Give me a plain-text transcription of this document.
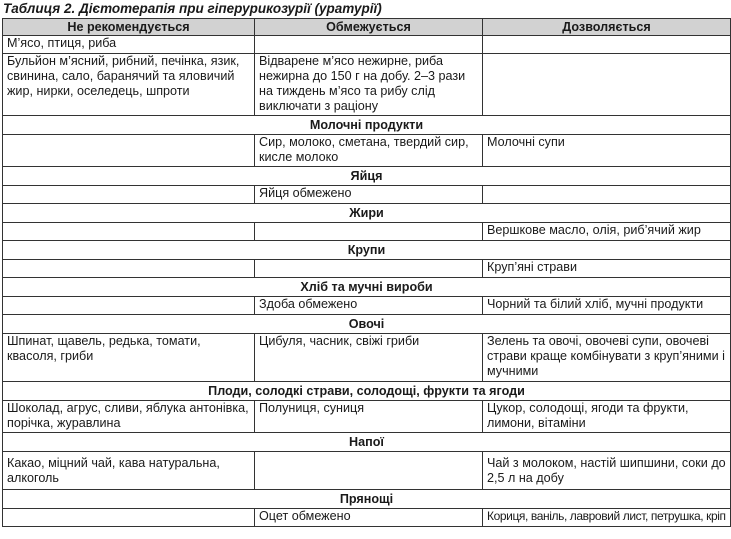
Таблиця 2. Дієтотерапія при гіперурикозурії (уратурії)
Не рекомендується	Обмежується	Дозволяється
М’ясо, птиця, риба		
Бульйон м’ясний, рибний, печінка, язик, свинина, сало, баранячий та яловичий жир, нирки, оселедець, шпроти	Відварене м’ясо нежирне, риба нежирна до 150 г на добу. 2–3 рази на тиждень м’ясо та рибу слід виключати з раціону	
Молочні продукти		
	Сир, молоко, сметана, твердий сир, кисле молоко	Молочні супи
Яйця		
	Яйця обмежено	
Жири		
		Вершкове масло, олія, риб’ячий жир
Крупи		
		Круп’яні страви
Хліб та мучні вироби		
	Здоба обмежено	Чорний та білий хліб, мучні продукти
Овочі		
Шпинат, щавель, редька, томати, квасоля, гриби	Цибуля, часник, свіжі гриби	Зелень та овочі, овочеві супи, овочеві страви краще комбінувати з круп’яними і мучними
Плоди, солодкі страви, солодощі, фрукти та ягоди		
Шоколад, агрус, сливи, яблука антонівка, порічка, журавлина	Полуниця, суниця	Цукор, солодощі, ягоди та фрукти, лимони, вітаміни
Напої		
Какао, міцний чай, кава натуральна, алкоголь		Чай з молоком, настій шипшини, соки до 2,5 л на добу
Прянощі		
	Оцет обмежено	Кориця, ваніль, лавровий лист, петрушка, кріп
